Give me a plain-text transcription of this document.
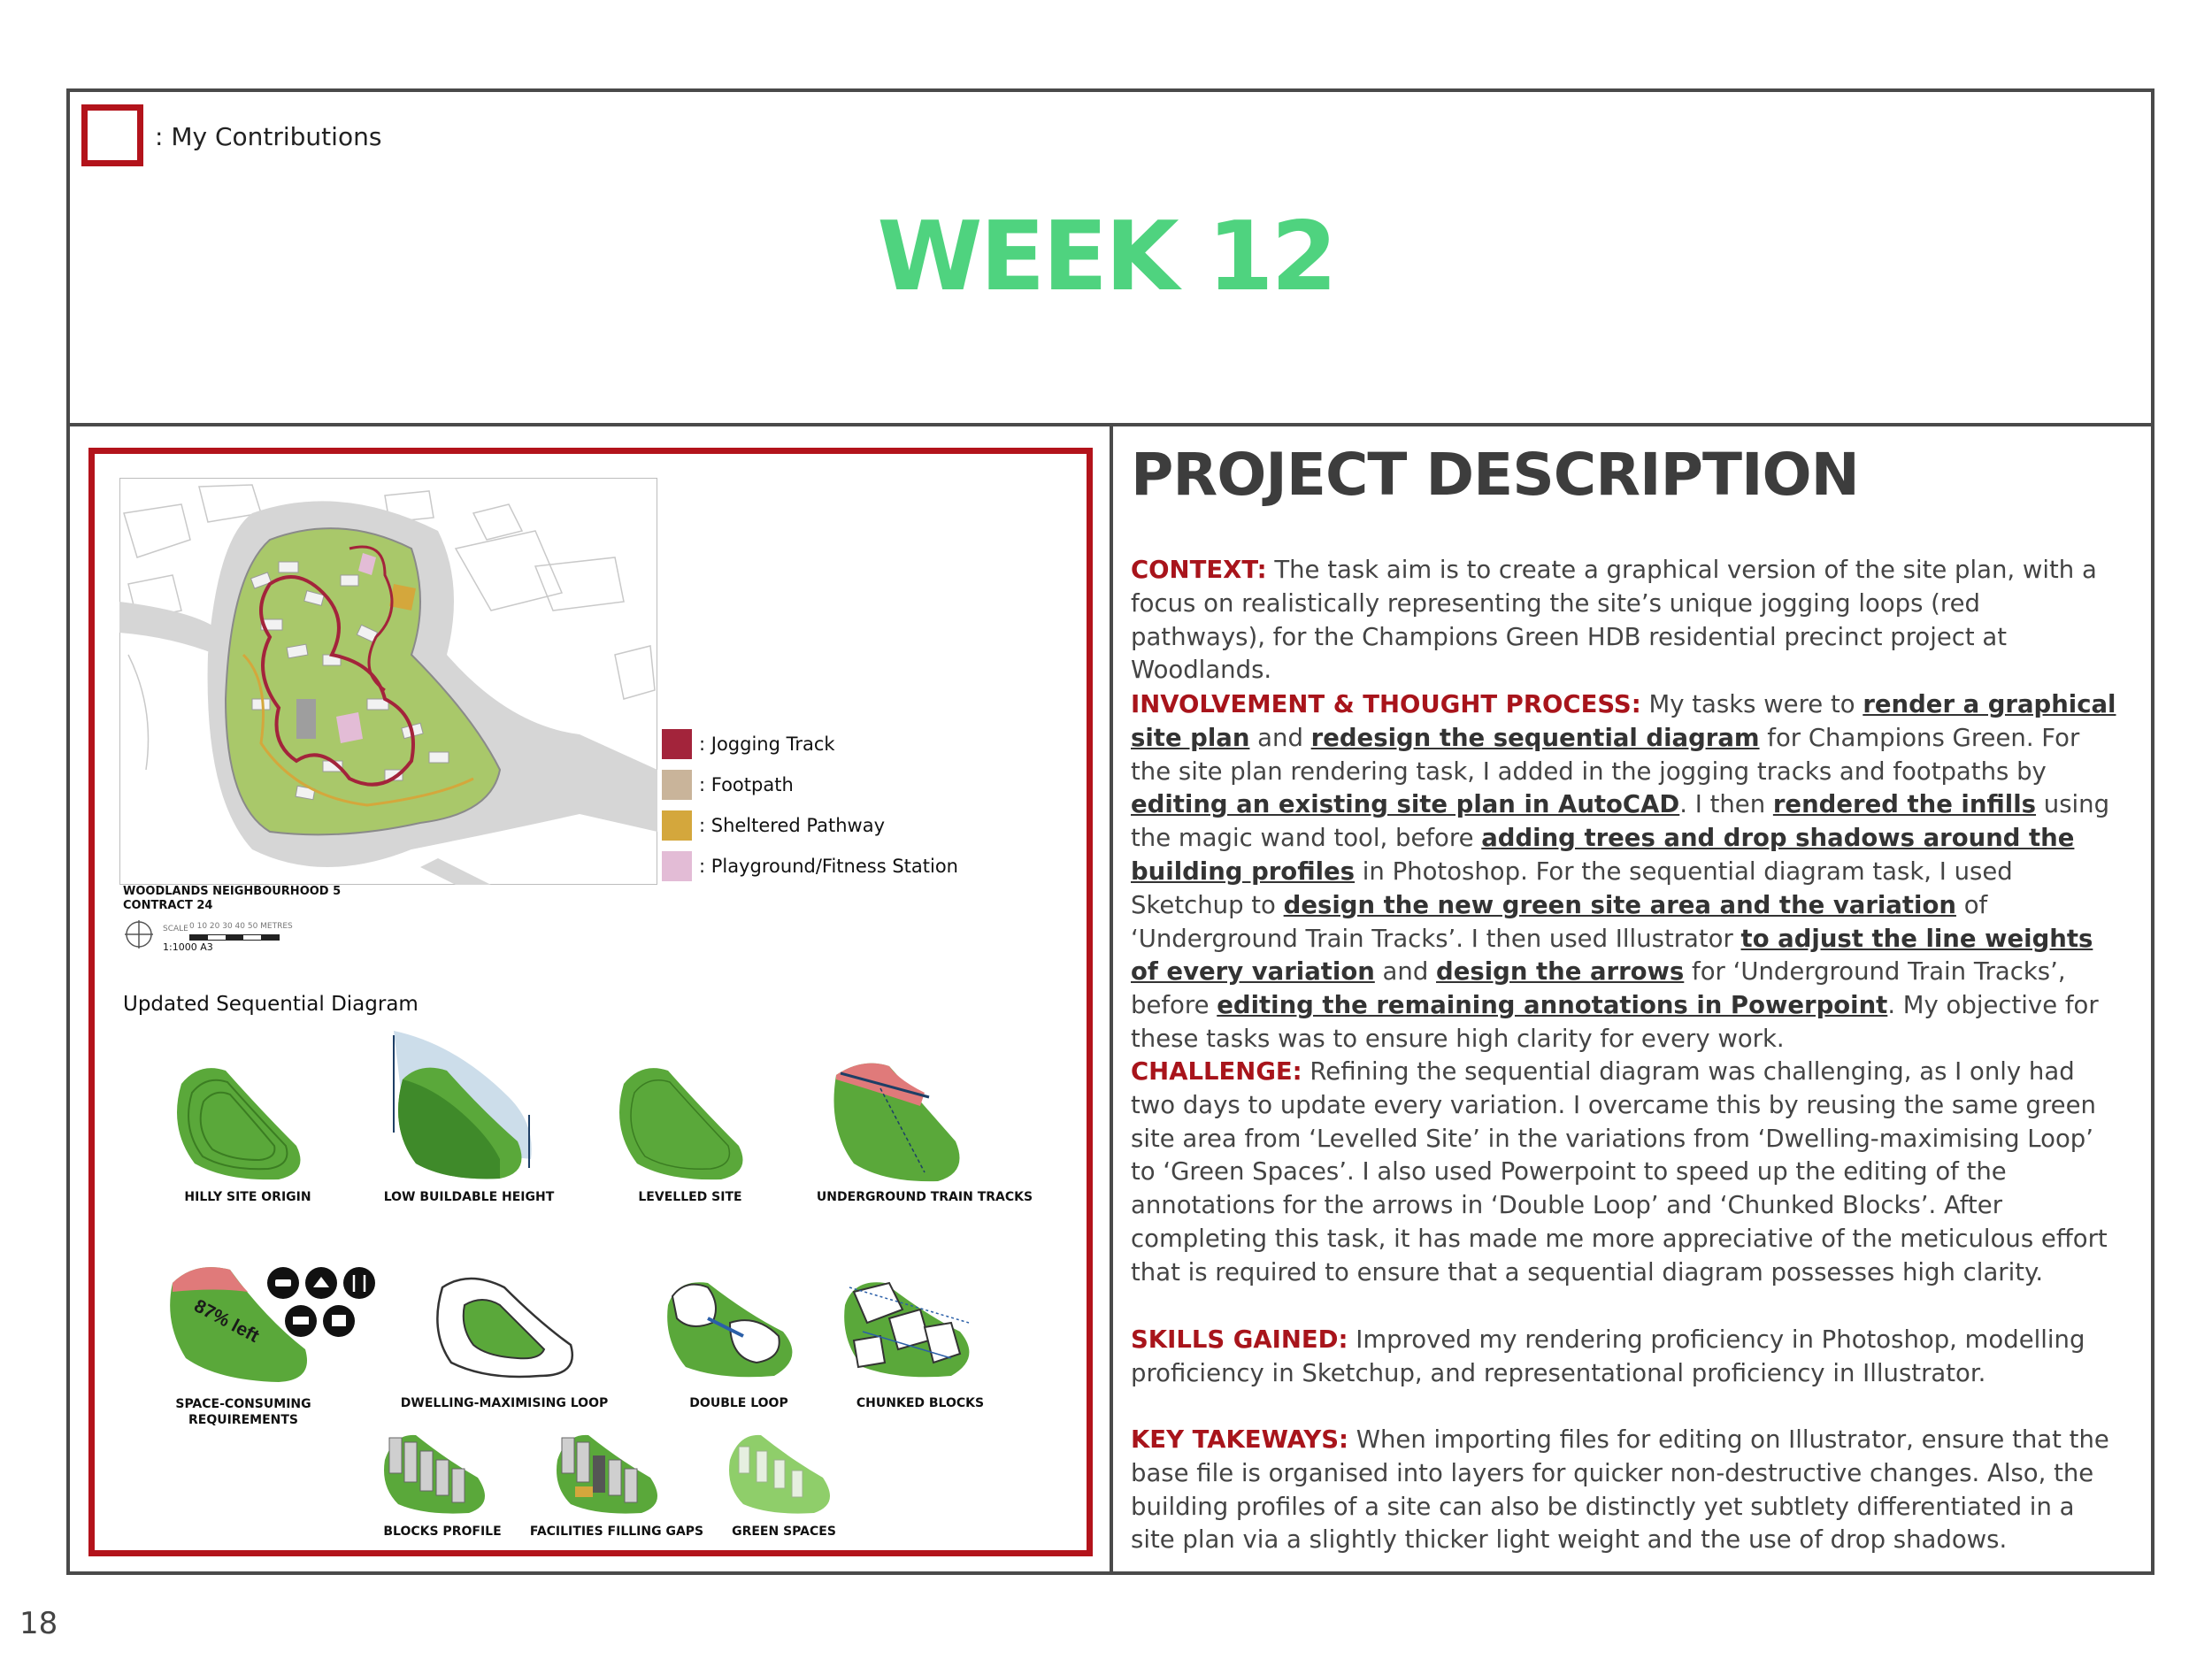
: My Contributions
WEEK 12
WOODLANDS NEIGHBOURHOOD 5
CONTRACT 24
SCALE 0 10 20 30 40 50 METRES
1:1000 A3
: Jogging Track
: Footpath
: Sheltered Pathway
: Playground/Fitness Station
Updated Sequential Diagram
HILLY SITE ORIGIN	LOW BUILDABLE HEIGHT	LEVELLED SITE	UNDERGROUND TRAIN TRACKS
87% left
SPACE-CONSUMING REQUIREMENTS
DWELLING-MAXIMISING LOOP	DOUBLE LOOP	CHUNKED BLOCKS
BLOCKS PROFILE	FACILITIES FILLING GAPS	GREEN SPACES
PROJECT DESCRIPTION
CONTEXT: The task aim is to create a graphical version of the site plan, with a focus on realistically representing the site’s unique jogging loops (red pathways), for the Champions Green HDB residential precinct project at Woodlands.
INVOLVEMENT & THOUGHT PROCESS: My tasks were to render a graphical site plan and redesign the sequential diagram for Champions Green. For the site plan rendering task, I added in the jogging tracks and footpaths by editing an existing site plan in AutoCAD. I then rendered the infills using the magic wand tool, before adding trees and drop shadows around the building profiles in Photoshop. For the sequential diagram task, I used Sketchup to design the new green site area and the variation of ‘Underground Train Tracks’. I then used Illustrator to adjust the line weights of every variation and design the arrows for ‘Underground Train Tracks’, before editing the remaining annotations in Powerpoint. My objective for these tasks was to ensure high clarity for every work.
CHALLENGE: Refining the sequential diagram was challenging, as I only had two days to update every variation. I overcame this by reusing the same green site area from ‘Levelled Site’ in the variations from ‘Dwelling-maximising Loop’ to ‘Green Spaces’. I also used Powerpoint to speed up the editing of the annotations for the arrows in ‘Double Loop’ and ‘Chunked Blocks’. After completing this task, it has made me more appreciative of the meticulous effort that is required to ensure that a sequential diagram possesses high clarity.
SKILLS GAINED: Improved my rendering proficiency in Photoshop, modelling proficiency in Sketchup, and representational proficiency in Illustrator.
KEY TAKEWAYS: When importing files for editing on Illustrator, ensure that the base file is organised into layers for quicker non-destructive changes. Also, the building profiles of a site can also be distinctly yet subtlety differentiated in a site plan via a slightly thicker light weight and the use of drop shadows.
18
